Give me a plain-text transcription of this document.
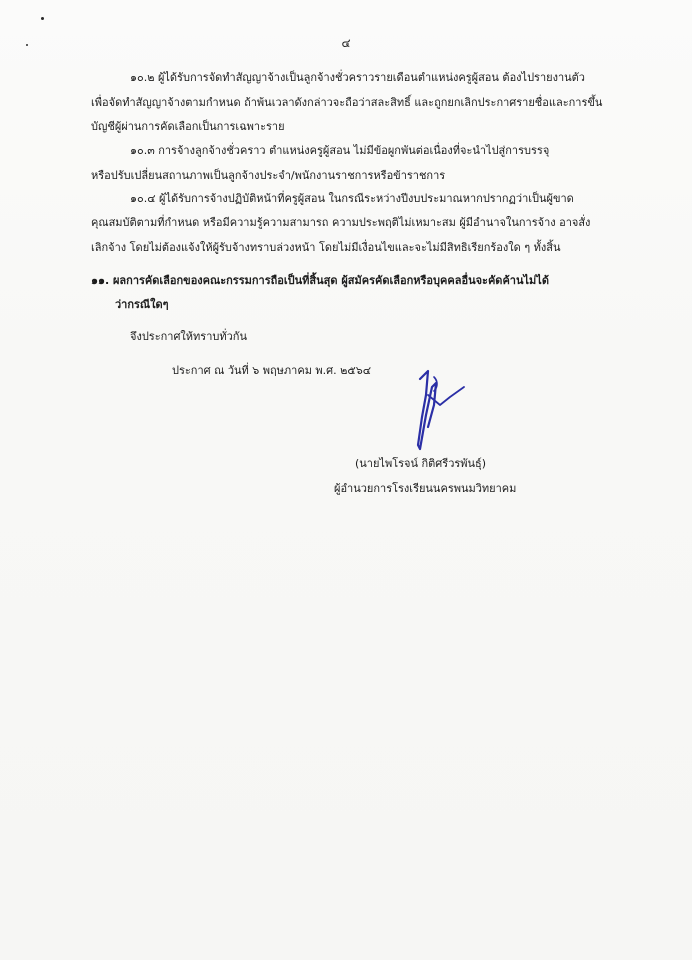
๔
๑๐.๒ ผู้ได้รับการจัดทำสัญญาจ้างเป็นลูกจ้างชั่วคราวรายเดือนตำแหน่งครูผู้สอน ต้องไปรายงานตัว
เพื่อจัดทำสัญญาจ้างตามกำหนด ถ้าพ้นเวลาดังกล่าวจะถือว่าสละสิทธิ์ และถูกยกเลิกประกาศรายชื่อและการขึ้น
บัญชีผู้ผ่านการคัดเลือกเป็นการเฉพาะราย
๑๐.๓ การจ้างลูกจ้างชั่วคราว ตำแหน่งครูผู้สอน ไม่มีข้อผูกพันต่อเนื่องที่จะนำไปสู่การบรรจุ
หรือปรับเปลี่ยนสถานภาพเป็นลูกจ้างประจำ/พนักงานราชการหรือข้าราชการ
๑๐.๔ ผู้ได้รับการจ้างปฏิบัติหน้าที่ครูผู้สอน ในกรณีระหว่างปีงบประมาณหากปรากฏว่าเป็นผู้ขาด
คุณสมบัติตามที่กำหนด หรือมีความรู้ความสามารถ ความประพฤติไม่เหมาะสม ผู้มีอำนาจในการจ้าง อาจสั่ง
เลิกจ้าง โดยไม่ต้องแจ้งให้ผู้รับจ้างทราบล่วงหน้า โดยไม่มีเงื่อนไขและจะไม่มีสิทธิเรียกร้องใด ๆ ทั้งสิ้น
๑๑. ผลการคัดเลือกของคณะกรรมการถือเป็นที่สิ้นสุด ผู้สมัครคัดเลือกหรือบุคคลอื่นจะคัดค้านไม่ได้
ว่ากรณีใดๆ
จึงประกาศให้ทราบทั่วกัน
ประกาศ ณ วันที่ ๖ พฤษภาคม พ.ศ. ๒๕๖๔
(นายไพโรจน์ กิติศรีวรพันธุ์)
ผู้อำนวยการโรงเรียนนครพนมวิทยาคม
